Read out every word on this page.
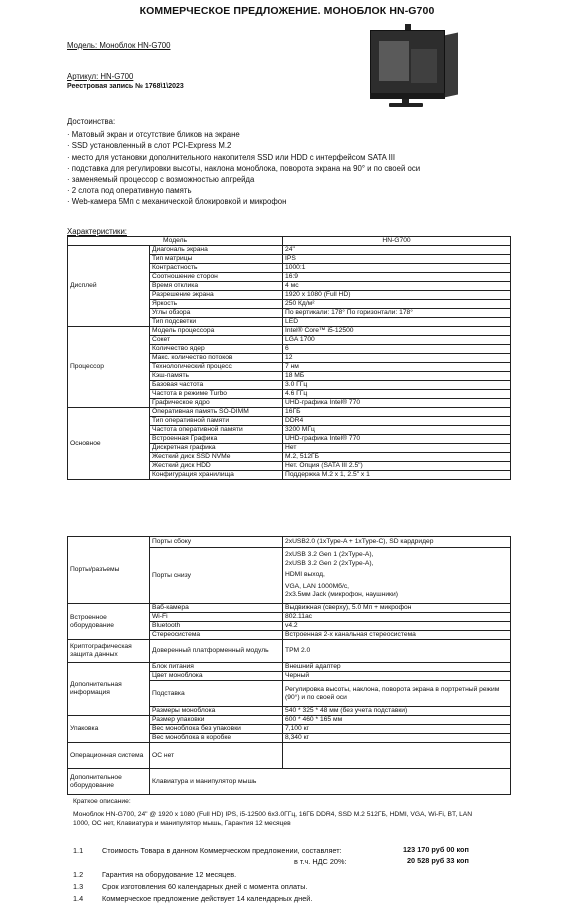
КОММЕРЧЕСКОЕ ПРЕДЛОЖЕНИЕ. МОНОБЛОК HN-G700
Модель: Моноблок HN-G700
Артикул: HN-G700
Реестровая запись № 1768\1\2023
Достоинства:
· Матовый экран и отсутствие бликов на экране
· SSD установленный в слот PCI-Express M.2
· место для установки дополнительного накопителя SSD или HDD с интерфейсом SATA III
· подставка для регулировки высоты, наклона моноблока, поворота экрана на 90° и по своей оси
· заменяемый процессор с возможностью апгрейда
· 2 слота под оперативную память
· Web-камера 5Мп с механической блокировкой и микрофон
Характеристики:
Модель		HN-G700
Дисплей	Диагональ экрана	24"
	Тип матрицы	IPS
	Контрастность	1000:1
	Соотношение сторон	16:9
	Время отклика	4 мс
	Разрешение экрана	1920 x 1080 (Full HD)
	Яркость	250 Кд/м²
	Углы обзора	По вертикали: 178° По горизонтали: 178°
	Тип подсветки	LED
Процессор	Модель процессора	Intel® Core™ i5-12500
	Сокет	LGA 1700
	Количество ядер	6
	Макс. количество потоков	12
	Технологический процесс	7 нм
	Кэш-память	18 МБ
	Базовая частота	3.0 ГГц
	Частота в режиме Turbo	4.6 ГГц
	Графическое ядро	UHD-графика Intel® 770
Основное	Оперативная память SO-DIMM	16ГБ
	Тип оперативной памяти	DDR4
	Частота оперативной памяти	3200 МГц
	Встроенная Графика	UHD-графика Intel® 770
	Дискретная графика	Нет
	Жесткий диск SSD NVMe	M.2, 512ГБ
	Жесткий диск HDD	Нет. Опция (SATA III 2.5")
	Конфигурация хранилища	Поддержка M.2 x 1, 2.5" x 1
Порты/разъемы	Порты сбоку	2xUSB2.0 (1xType-A + 1xType-C), SD кардридер
	Порты снизу	2xUSB 3.2 Gen 1 (2xType-A),
2xUSB 3.2 Gen 2 (2xType-A),
HDMI выход,
VGA, LAN 1000Мб/с,
2x3.5мм Jack (микрофон, наушники)

Встроенное оборудование	Ваб-камера	Выдвижная (сверху), 5.0 Мп + микрофон
	Wi-Fi	802.11ac
	Bluetooth	v4.2
	Стереосистема	Встроенная 2-х канальная стереосистема
Криптографическая защита данных	Доверенный платформенный модуль	TPM 2.0
Дополнительная информация	Блок питания	Внешний адаптер
	Цвет моноблока	Черный
	Подставка	Регулировка высоты, наклона, поворота экрана в портретный режим (90°) и по своей оси
	Размеры моноблока	540 * 325 * 48 мм (без учета подставки)
Упаковка	Размер упаковки	600 * 460 * 165 мм
	Вес моноблока без упаковки	7,100 кг
	Вес моноблока в коробке	8,340 кг
Операционная система	ОС нет	
Дополнительное оборудование	Клавиатура и манипулятор мышь	
Краткое описание:
Моноблок HN-G700, 24" @ 1920 x 1080 (Full HD) IPS, i5-12500 6x3.0ГГц, 16ГБ DDR4, SSD M.2 512ГБ, HDMI, VGA, Wi-Fi, BT, LAN 1000, ОС нет, Клавиатура и манипулятор мышь, Гарантия 12 месяцев
1.1	Стоимость Товара в данном Коммерческом предложении, составляет:	123 170 руб 00 коп
в т.ч. НДС 20%:	20 528 руб 33 коп
1.2	Гарантия на оборудование 12 месяцев.
1.3	Срок изготовления 60 календарных дней с момента оплаты.
1.4	Коммерческое предложение действует 14 календарных дней.
